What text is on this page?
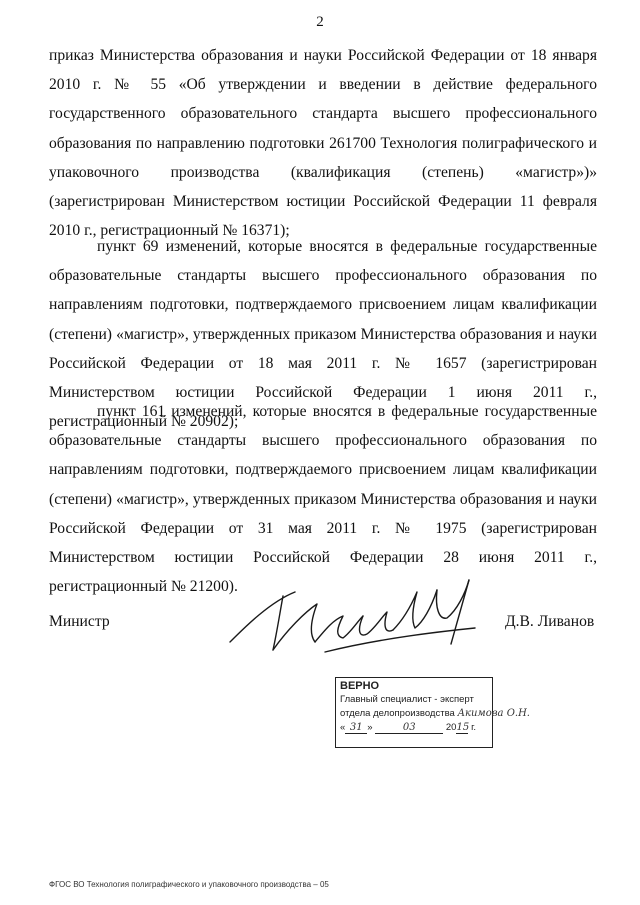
2

приказ Министерства образования и науки Российской Федерации от 18 января 2010 г. № 55 «Об утверждении и введении в действие федерального государственного образовательного стандарта высшего профессионального образования по направлению подготовки 261700 Технология полиграфического и упаковочного производства (квалификация (степень) «магистр»)» (зарегистрирован Министерством юстиции Российской Федерации 11 февраля 2010 г., регистрационный № 16371);

пункт 69 изменений, которые вносятся в федеральные государственные образовательные стандарты высшего профессионального образования по направлениям подготовки, подтверждаемого присвоением лицам квалификации (степени) «магистр», утвержденных приказом Министерства образования и науки Российской Федерации от 18 мая 2011 г. № 1657 (зарегистрирован Министерством юстиции Российской Федерации 1 июня 2011 г., регистрационный № 20902);

пункт 161 изменений, которые вносятся в федеральные государственные образовательные стандарты высшего профессионального образования по направлениям подготовки, подтверждаемого присвоением лицам квалификации (степени) «магистр», утвержденных приказом Министерства образования и науки Российской Федерации от 31 мая 2011 г. № 1975 (зарегистрирован Министерством юстиции Российской Федерации 28 июня 2011 г., регистрационный № 21200).

Министр	Д.В. Ливанов
ВЕРНО
Главный специалист - эксперт
отдела делопроизводства Акимова О.Н.
« 31 »	03	2015 г.
ФГОС ВО Технология полиграфического и упаковочного производства – 05
